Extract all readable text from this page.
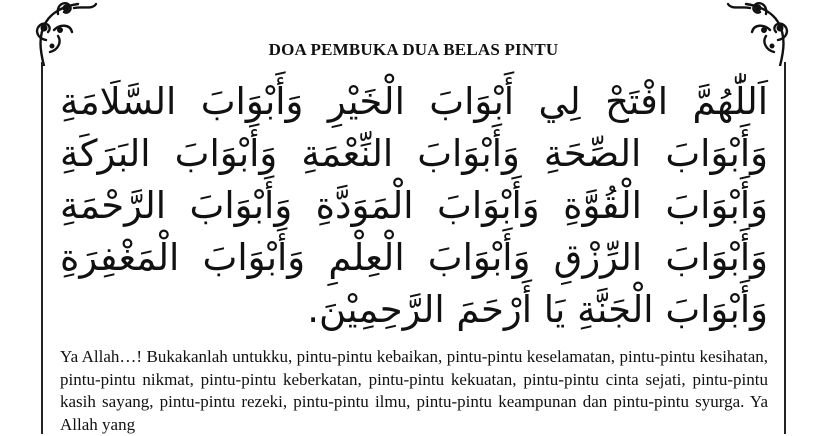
DOA PEMBUKA DUA BELAS PINTU
اَللّٰهُمَّ افْتَحْ لِي أَبْوَابَ الْخَيْرِ وَأَبْوَابَ السَّلَامَةِ
وَأَبْوَابَ الصِّحَةِ وَأَبْوَابَ النِّعْمَةِ وَأَبْوَابَ البَرَكَةِ
وَأَبْوَابَ الْقُوَّةِ وَأَبْوَابَ الْمَوَدَّةِ وَأَبْوَابَ الرَّحْمَةِ
وَأَبْوَابَ الرِّزْقِ وَأَبْوَابَ الْعِلْمِ وَأَبْوَابَ الْمَغْفِرَةِ
وَأَبْوَابَ الْجَنَّةِ يَا أَرْحَمَ الرَّحِمِيْنَ.
Ya Allah…! Bukakanlah untukku, pintu-pintu kebaikan, pintu-pintu keselamatan, pintu-pintu kesihatan, pintu-pintu nikmat, pintu-pintu keberkatan, pintu-pintu kekuatan, pintu-pintu cinta sejati, pintu-pintu kasih sayang, pintu-pintu rezeki, pintu-pintu ilmu, pintu-pintu keampunan dan pintu-pintu syurga. Ya Allah yang
